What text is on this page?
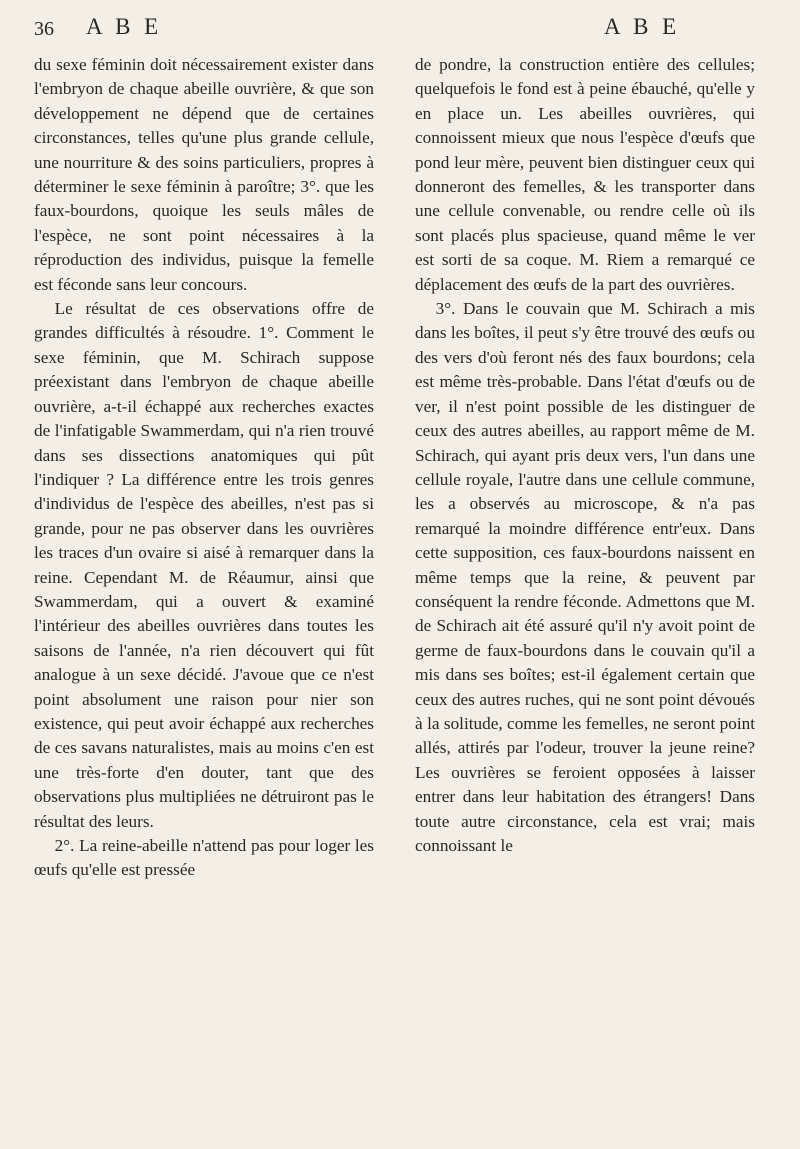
36 A B E	A B E

du sexe féminin doit nécessairement exister dans l'embryon de chaque abeille ouvrière, & que son développement ne dépend que de certaines circonstances, telles qu'une plus grande cellule, une nourriture & des soins particuliers, propres à déterminer le sexe féminin à paroître; 3°. que les faux-bourdons, quoique les seuls mâles de l'espèce, ne sont point nécessaires à la réproduction des individus, puisque la femelle est féconde sans leur concours.

Le résultat de ces observations offre de grandes difficultés à résoudre. 1°. Comment le sexe féminin, que M. Schirach suppose préexistant dans l'embryon de chaque abeille ouvrière, a-t-il échappé aux recherches exactes de l'infatigable Swammerdam, qui n'a rien trouvé dans ses dissections anatomiques qui pût l'indiquer ? La différence entre les trois genres d'individus de l'espèce des abeilles, n'est pas si grande, pour ne pas observer dans les ouvrières les traces d'un ovaire si aisé à remarquer dans la reine. Cependant M. de Réaumur, ainsi que Swammerdam, qui a ouvert & examiné l'intérieur des abeilles ouvrières dans toutes les saisons de l'année, n'a rien découvert qui fût analogue à un sexe décidé. J'avoue que ce n'est point absolument une raison pour nier son existence, qui peut avoir échappé aux recherches de ces savans naturalistes, mais au moins c'en est une très-forte d'en douter, tant que des observations plus multipliées ne détruiront pas le résultat des leurs.

2°. La reine-abeille n'attend pas pour loger les œufs qu'elle est pressée

de pondre, la construction entière des cellules; quelquefois le fond est à peine ébauché, qu'elle y en place un. Les abeilles ouvrières, qui connoissent mieux que nous l'espèce d'œufs que pond leur mère, peuvent bien distinguer ceux qui donneront des femelles, & les transporter dans une cellule convenable, ou rendre celle où ils sont placés plus spacieuse, quand même le ver est sorti de sa coque. M. Riem a remarqué ce déplacement des œufs de la part des ouvrières.

3°. Dans le couvain que M. Schirach a mis dans les boîtes, il peut s'y être trouvé des œufs ou des vers d'où feront nés des faux bourdons; cela est même très-probable. Dans l'état d'œufs ou de ver, il n'est point possible de les distinguer de ceux des autres abeilles, au rapport même de M. Schirach, qui ayant pris deux vers, l'un dans une cellule royale, l'autre dans une cellule commune, les a observés au microscope, & n'a pas remarqué la moindre différence entr'eux. Dans cette supposition, ces faux-bourdons naissent en même temps que la reine, & peuvent par conséquent la rendre féconde. Admettons que M. de Schirach ait été assuré qu'il n'y avoit point de germe de faux-bourdons dans le couvain qu'il a mis dans ses boîtes; est-il également certain que ceux des autres ruches, qui ne sont point dévoués à la solitude, comme les femelles, ne seront point allés, attirés par l'odeur, trouver la jeune reine? Les ouvrières se feroient opposées à laisser entrer dans leur habitation des étrangers! Dans toute autre circonstance, cela est vrai; mais connoissant le
